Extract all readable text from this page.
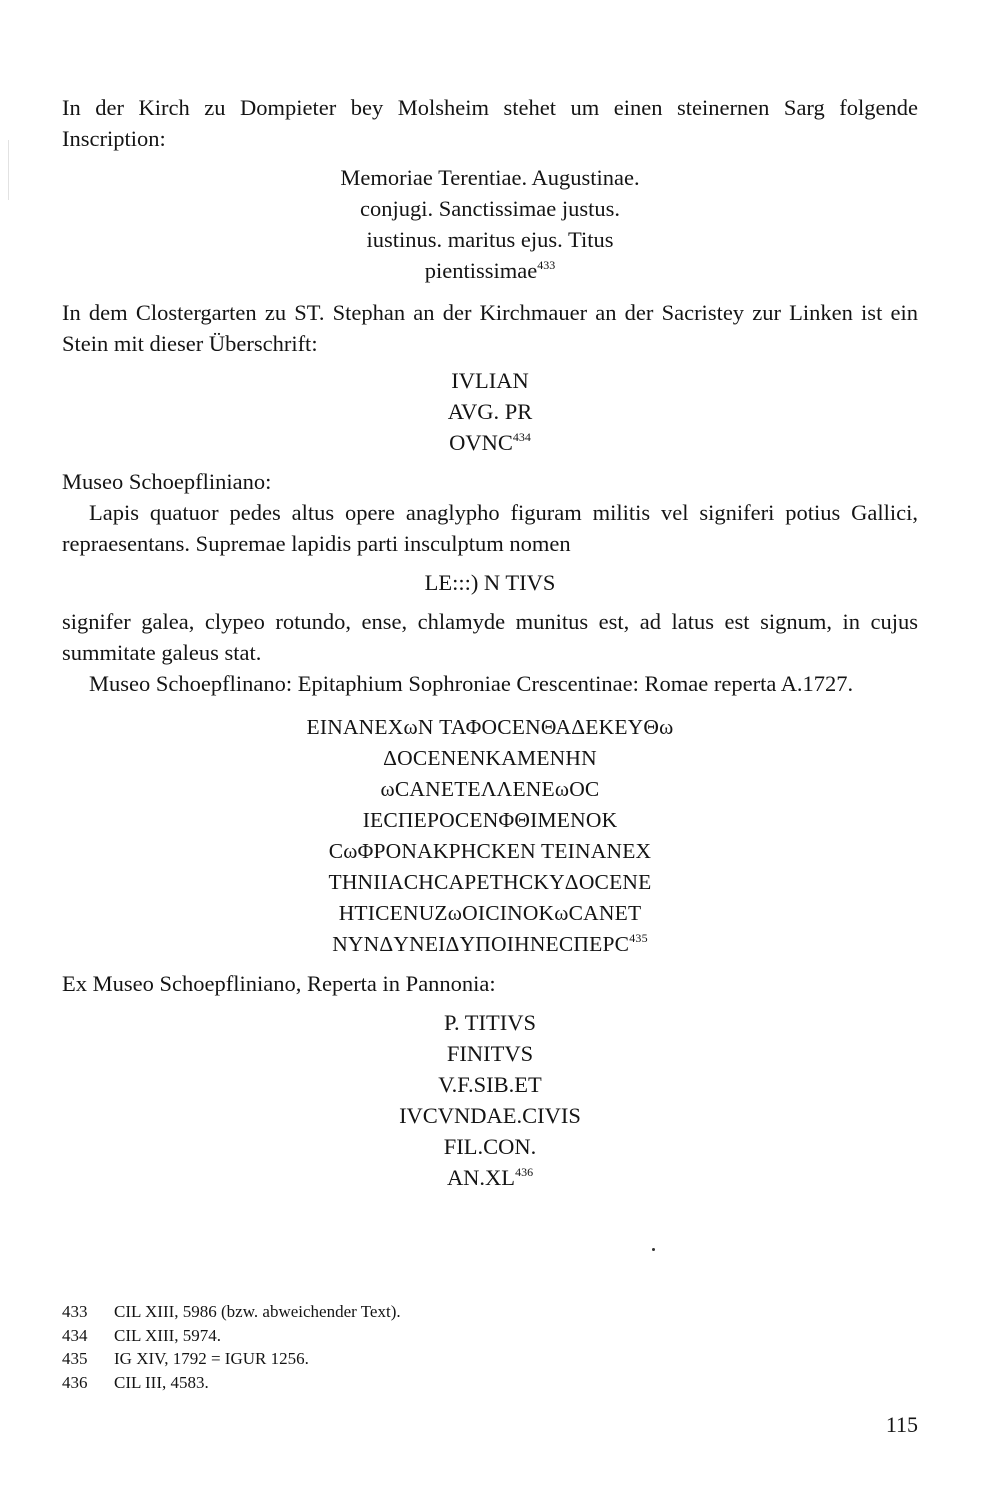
In der Kirch zu Dompieter bey Molsheim stehet um einen steinernen Sarg folgende Inscription:

Memoriae Terentiae. Augustinae.
conjugi. Sanctissimae justus.
iustinus. maritus ejus. Titus
pientissimae$^{433}$

In dem Clostergarten zu ST. Stephan an der Kirchmauer an der Sacristey zur Linken ist ein Stein mit dieser Überschrift:

IVLIAN
AVG. PR
OVNC$^{434}$

Museo Schoepfliniano:

Lapis quatuor pedes altus opere anaglypho figuram militis vel signiferi potius Gallici, repraesentans. Supremae lapidis parti insculptum nomen

LE:::) N TIVS

signifer galea, clypeo rotundo, ense, chlamyde munitus est, ad latus est signum, in cujus summitate galeus stat.

Museo Schoepflinano: Epitaphium Sophroniae Crescentinae: Romae reperta A.1727.

EINANEXωN ΤΑΦΟCENΘΑΔEKEYΘω
ΔOCENENKAMENHN
ωCANETEΛΛENEωOC
IECΠEPOCENΦΘIMENOK
CωΦPONAKPHCKEN TEINANEX
THNΙΙΑCHCAPETHCKYΔOCENE
HTICENUZωOICINOKωCANET
NYNΔYNEIΔYΠOIHNECΠEPC$^{435}$

Ex Museo Schoepfliniano, Reperta in Pannonia:

P. TITIVS
FINITVS
V.F.SIB.ET
IVCVNDAE.CIVIS
FIL.CON.
AN.XL$^{436}$
433	CIL XIII, 5986 (bzw. abweichender Text).
434	CIL XIII, 5974.
435	IG XIV, 1792 = IGUR 1256.
436	CIL III, 4583.
115
